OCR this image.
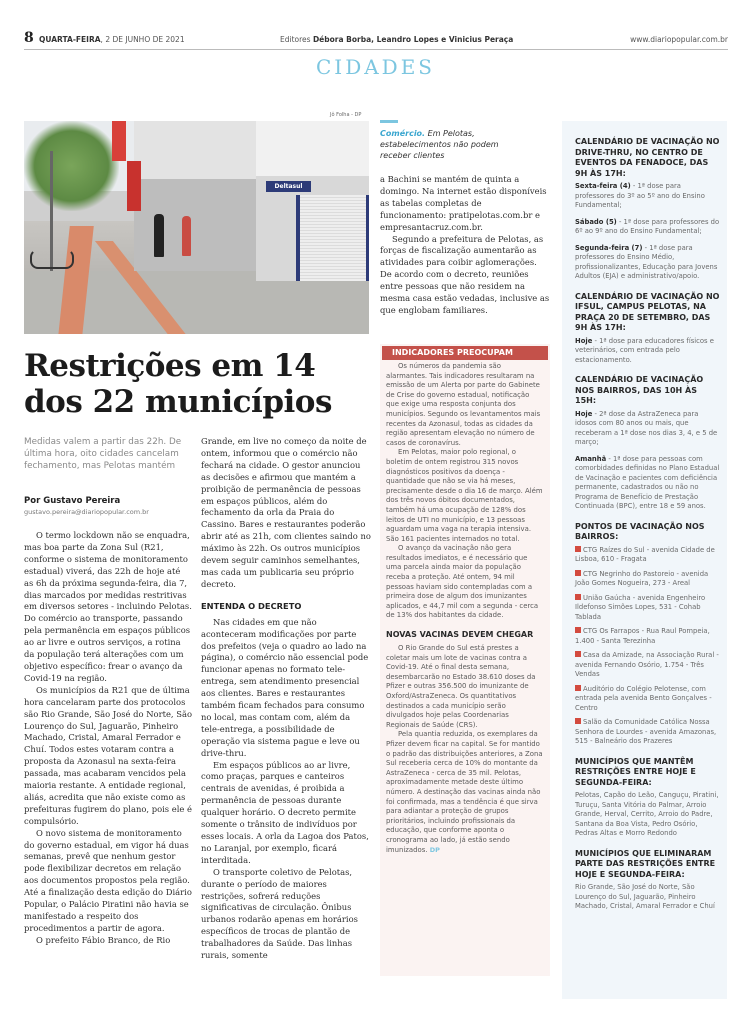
8 QUARTA-FEIRA, 2 DE JUNHO DE 2021	Editores Débora Borba, Leandro Lopes e Vinicius Peraça	www.diariopopular.com.br
CIDADES
Jô Folha - DP
Deltasul
Comércio. Em Pelotas, estabelecimentos não podem receber clientes

a Bachini se mantém de quinta a domingo. Na internet estão disponíveis as tabelas completas de funcionamento: pratipelotas.com.br e empresantacruz.com.br.

Segundo a prefeitura de Pelotas, as forças de fiscalização aumentarão as atividades para coibir aglomerações. De acordo com o decreto, reuniões entre pessoas que não residem na mesma casa estão vedadas, inclusive as que englobam familiares.

Restrições em 14 dos 22 municípios
Medidas valem a partir das 22h. De última hora, oito cidades cancelam fechamento, mas Pelotas mantém
Por Gustavo Pereira
gustavo.pereira@diariopopular.com.br

O termo lockdown não se enquadra, mas boa parte da Zona Sul (R21, conforme o sistema de monitoramento estadual) viverá, das 22h de hoje até as 6h da próxima segunda-feira, dia 7, dias marcados por medidas restritivas em diversos setores - incluindo Pelotas. Do comércio ao transporte, passando pela permanência em espaços públicos ao ar livre e outros serviços, a rotina da população terá alterações com um objetivo específico: frear o avanço da Covid-19 na região.

Os municípios da R21 que de última hora cancelaram parte dos protocolos são Rio Grande, São José do Norte, São Lourenço do Sul, Jaguarão, Pinheiro Machado, Cristal, Amaral Ferrador e Chuí. Todos estes votaram contra a proposta da Azonasul na sexta-feira passada, mas acabaram vencidos pela maioria restante. A entidade regional, aliás, acredita que não existe como as prefeituras fugirem do plano, pois ele é compulsório.

O novo sistema de monitoramento do governo estadual, em vigor há duas semanas, prevê que nenhum gestor pode flexibilizar decretos em relação aos documentos propostos pela região. Até a finalização desta edição do Diário Popular, o Palácio Piratini não havia se manifestado a respeito dos procedimentos a partir de agora.

O prefeito Fábio Branco, de Rio

Grande, em live no começo da noite de ontem, informou que o comércio não fechará na cidade. O gestor anunciou as decisões e afirmou que mantém a proibição de permanência de pessoas em espaços públicos, além do fechamento da orla da Praia do Cassino. Bares e restaurantes poderão abrir até as 21h, com clientes saindo no máximo às 22h. Os outros municípios devem seguir caminhos semelhantes, mas cada um publicaria seu próprio decreto.

ENTENDA O DECRETO

Nas cidades em que não aconteceram modificações por parte dos prefeitos (veja o quadro ao lado na página), o comércio não essencial pode funcionar apenas no formato tele-entrega, sem atendimento presencial aos clientes. Bares e restaurantes também ficam fechados para consumo no local, mas contam com, além da tele-entrega, a possibilidade de operação via sistema pague e leve ou drive-thru.

Em espaços públicos ao ar livre, como praças, parques e canteiros centrais de avenidas, é proibida a permanência de pessoas durante qualquer horário. O decreto permite somente o trânsito de indivíduos por esses locais. A orla da Lagoa dos Patos, no Laranjal, por exemplo, ficará interditada.

O transporte coletivo de Pelotas, durante o período de maiores restrições, sofrerá reduções significativas de circulação. Ônibus urbanos rodarão apenas em horários específicos de trocas de plantão de trabalhadores da Saúde. Das linhas rurais, somente

INDICADORES PREOCUPAM

Os números da pandemia são alarmantes. Tais indicadores resultaram na emissão de um Alerta por parte do Gabinete de Crise do governo estadual, notificação que exige uma resposta conjunta dos municípios. Segundo os levantamentos mais recentes da Azonasul, todas as cidades da região apresentam elevação no número de casos de coronavírus.

Em Pelotas, maior polo regional, o boletim de ontem registrou 315 novos diagnósticos positivos da doença - quantidade que não se via há meses, precisamente desde o dia 16 de março. Além dos três novos óbitos documentados, também há uma ocupação de 128% dos leitos de UTI no município, e 13 pessoas aguardam uma vaga na terapia intensiva. São 161 pacientes internados no total.

O avanço da vacinação não gera resultados imediatos, e é necessário que uma parcela ainda maior da população receba a proteção. Até ontem, 94 mil pessoas haviam sido contempladas com a primeira dose de algum dos imunizantes aplicados, e 44,7 mil com a segunda - cerca de 13% dos habitantes da cidade.

NOVAS VACINAS DEVEM CHEGAR

O Rio Grande do Sul está prestes a coletar mais um lote de vacinas contra a Covid-19. Até o final desta semana, desembarcarão no Estado 38.610 doses da Pfizer e outras 356.500 do imunizante de Oxford/AstraZeneca. Os quantitativos destinados a cada município serão divulgados hoje pelas Coordenarias Regionais de Saúde (CRS).

Pela quantia reduzida, os exemplares da Pfizer devem ficar na capital. Se for mantido o padrão das distribuições anteriores, a Zona Sul receberia cerca de 10% do montante da AstraZeneca - cerca de 35 mil. Pelotas, aproximadamente metade deste último número. A destinação das vacinas ainda não foi confirmada, mas a tendência é que sirva para adiantar a proteção de grupos prioritários, incluindo profissionais da educação, que conforme aponta o cronograma ao lado, já estão sendo imunizados. DP

CALENDÁRIO DE VACINAÇÃO NO DRIVE-THRU, NO CENTRO DE EVENTOS DA FENADOCE, DAS 9H ÀS 17H:

Sexta-feira (4) - 1ª dose para professores do 3º ao 5º ano do Ensino Fundamental;

Sábado (5) - 1ª dose para professores do 6º ao 9º ano do Ensino Fundamental;

Segunda-feira (7) - 1ª dose para professores do Ensino Médio, profissionalizantes, Educação para Jovens Adultos (EJA) e administrativo/apoio.

CALENDÁRIO DE VACINAÇÃO NO IFSUL, CAMPUS PELOTAS, NA PRAÇA 20 DE SETEMBRO, DAS 9H ÀS 17H:

Hoje - 1ª dose para educadores físicos e veterinários, com entrada pelo estacionamento.

CALENDÁRIO DE VACINAÇÃO NOS BAIRROS, DAS 10H ÀS 15H:

Hoje - 2ª dose da AstraZeneca para idosos com 80 anos ou mais, que receberam a 1ª dose nos dias 3, 4, e 5 de março;

Amanhã - 1ª dose para pessoas com comorbidades definidas no Plano Estadual de Vacinação e pacientes com deficiência permanente, cadastrados ou não no Programa de Benefício de Prestação Continuada (BPC), entre 18 e 59 anos.

PONTOS DE VACINAÇÃO NOS BAIRROS:

CTG Raízes do Sul - avenida Cidade de Lisboa, 610 - Fragata

CTG Negrinho do Pastoreio - avenida João Gomes Nogueira, 273 - Areal

União Gaúcha - avenida Engenheiro Ildefonso Simões Lopes, 531 - Cohab Tablada

CTG Os Farrapos - Rua Raul Pompeia, 1.400 - Santa Terezinha

Casa da Amizade, na Associação Rural - avenida Fernando Osório, 1.754 - Três Vendas

Auditório do Colégio Pelotense, com entrada pela avenida Bento Gonçalves - Centro

Salão da Comunidade Católica Nossa Senhora de Lourdes - avenida Amazonas, 515 - Balneário dos Prazeres

MUNICÍPIOS QUE MANTÊM RESTRIÇÕES ENTRE HOJE E SEGUNDA-FEIRA:

Pelotas, Capão do Leão, Canguçu, Piratini, Turuçu, Santa Vitória do Palmar, Arroio Grande, Herval, Cerrito, Arroio do Padre, Santana da Boa Vista, Pedro Osório, Pedras Altas e Morro Redondo

MUNICÍPIOS QUE ELIMINARAM PARTE DAS RESTRIÇÕES ENTRE HOJE E SEGUNDA-FEIRA:

Rio Grande, São José do Norte, São Lourenço do Sul, Jaguarão, Pinheiro Machado, Cristal, Amaral Ferrador e Chuí
